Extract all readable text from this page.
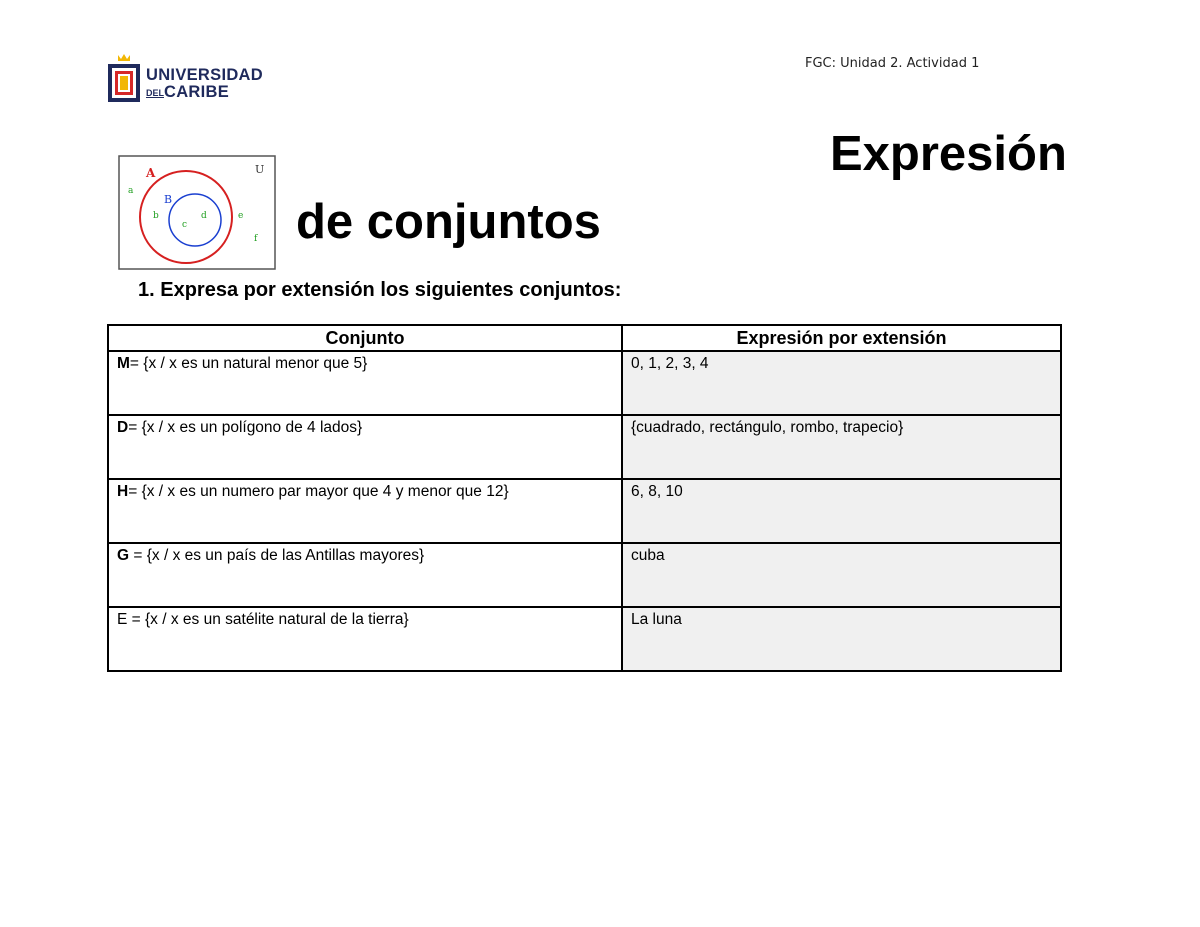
UNIVERSIDAD
DELCARIBE
FGC: Unidad 2. Actividad 1
U
A
B
a
b
c
d	e
f
Expresión
de conjuntos
1. Expresa por extensión los siguientes conjuntos:
Conjunto	Expresión por extensión
M= {x / x es un natural menor que 5}	0, 1, 2, 3, 4
D= {x / x es un polígono de 4 lados}	{cuadrado, rectángulo, rombo, trapecio}
H= {x / x es un numero par mayor que 4 y menor que 12}	6, 8, 10
G = {x / x es un país de las Antillas mayores}	cuba
E = {x / x es un satélite natural de la tierra}	La luna
